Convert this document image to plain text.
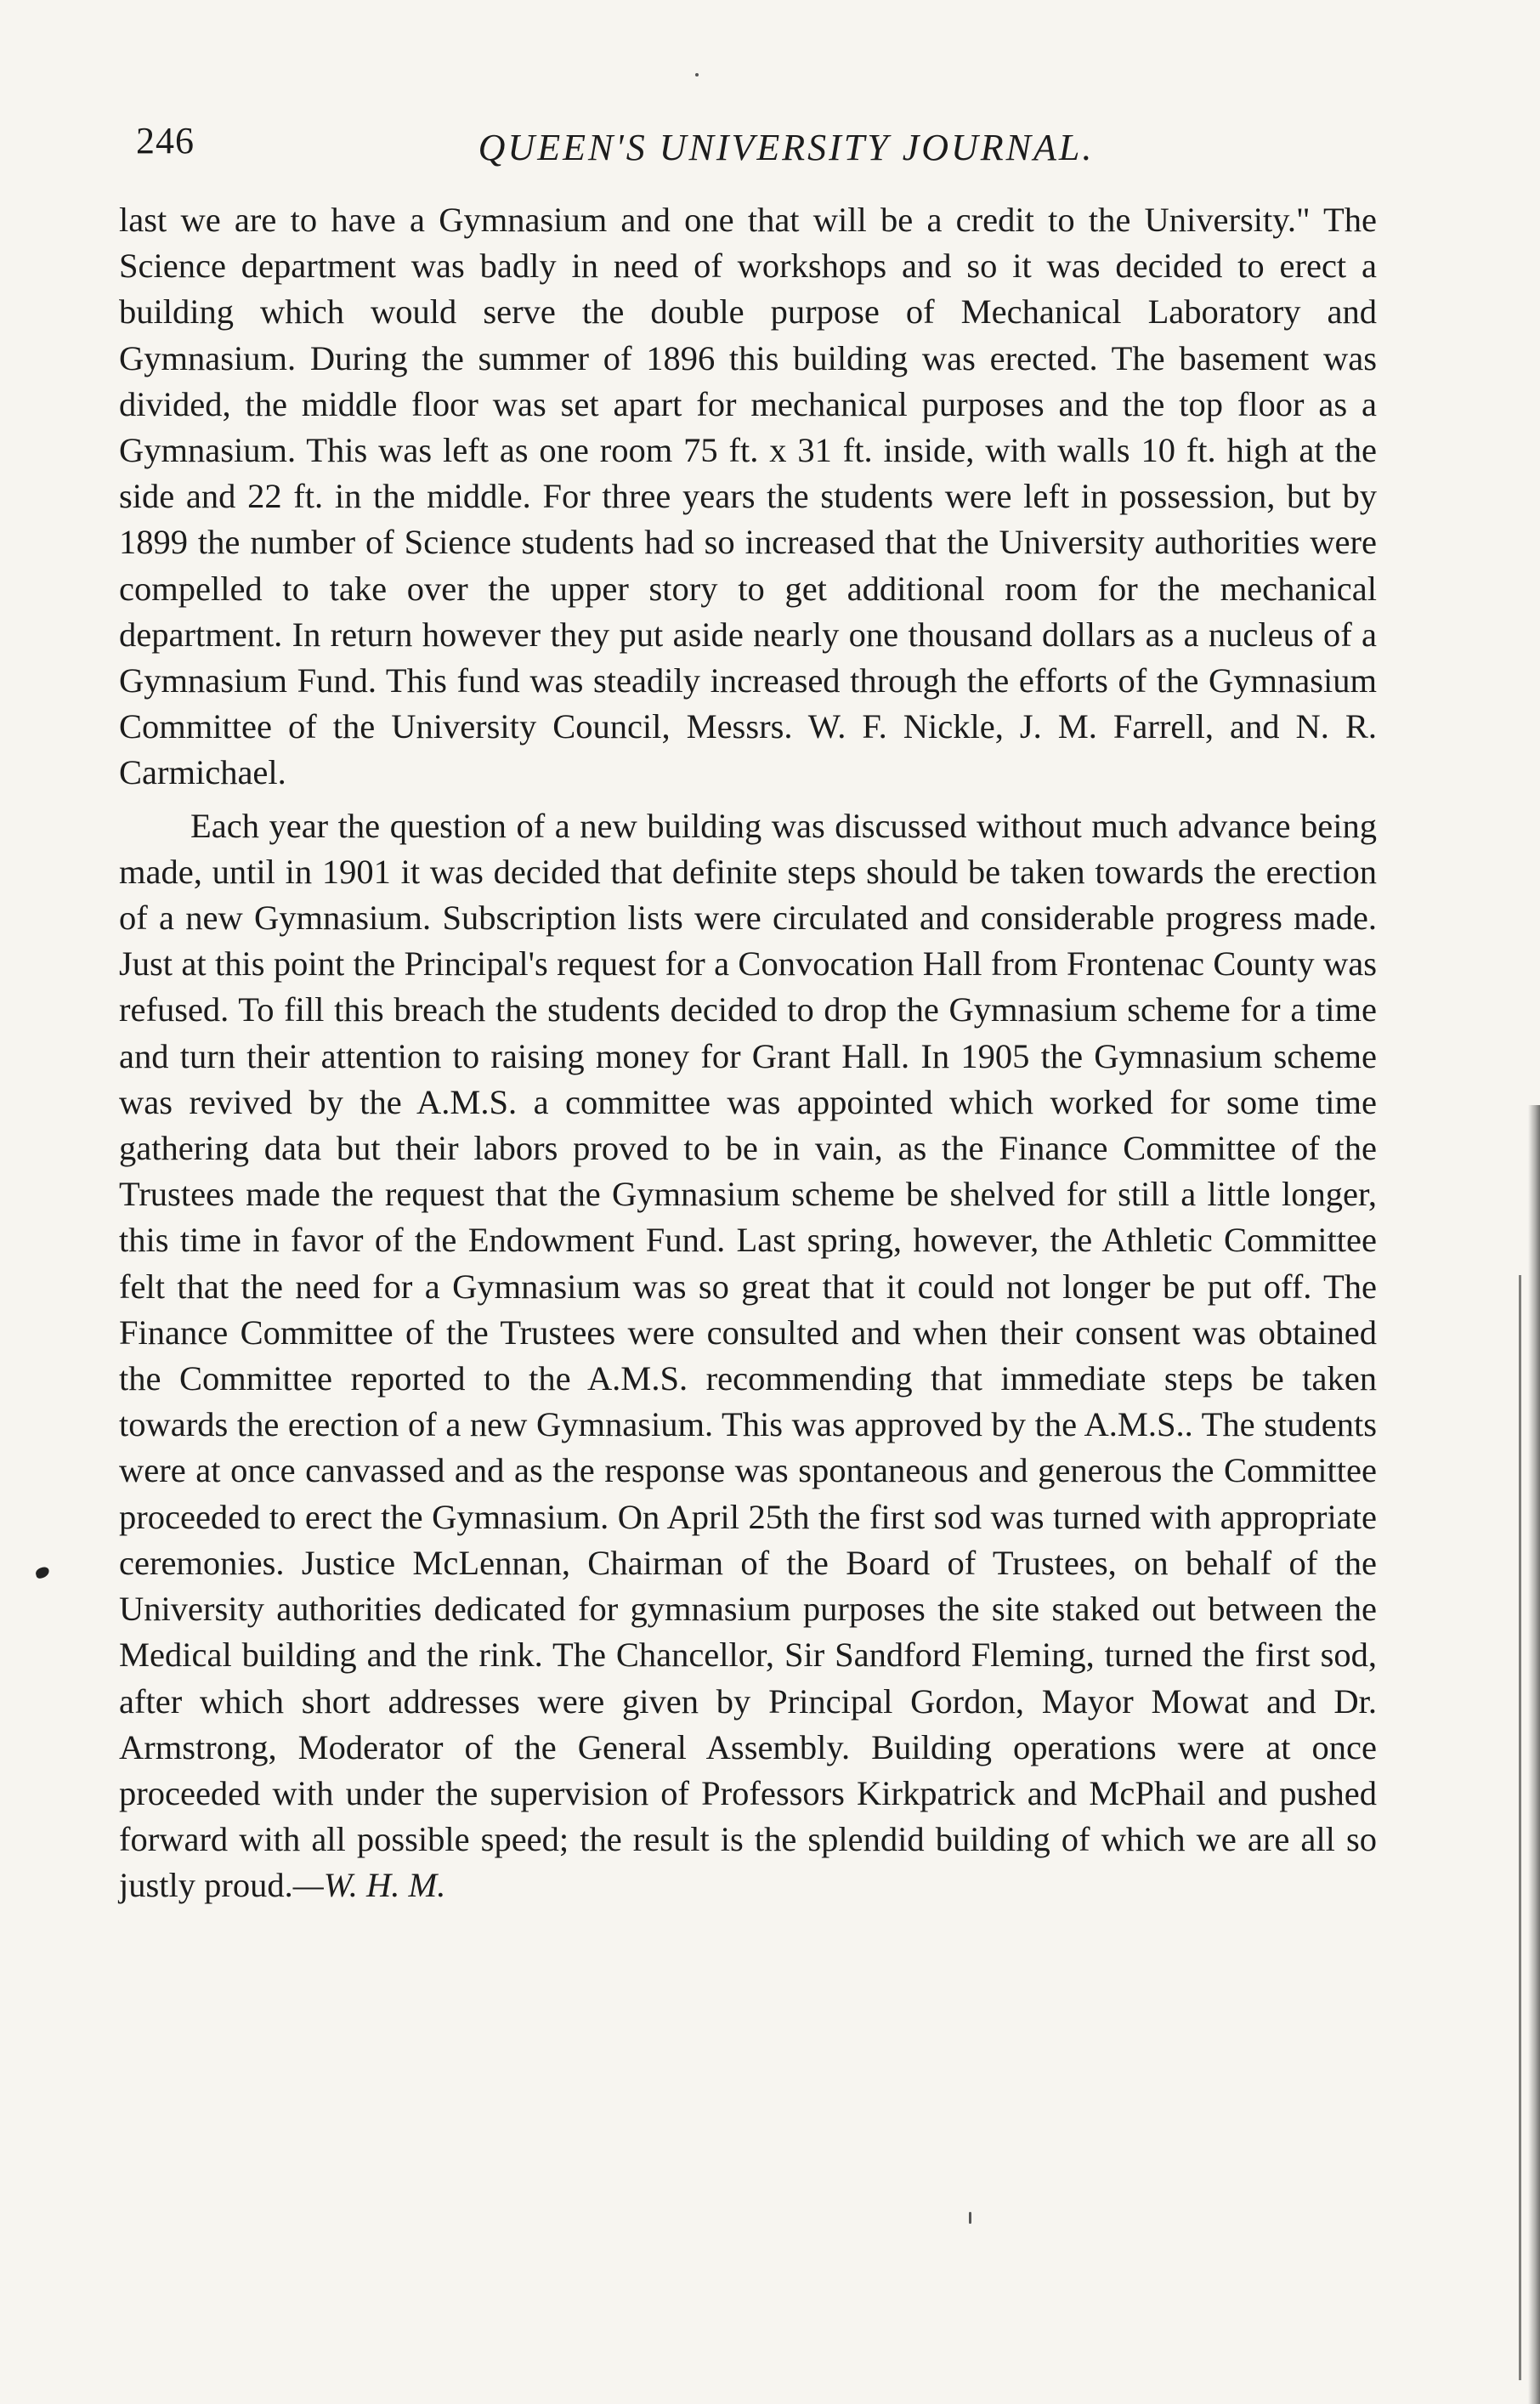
246	QUEEN'S UNIVERSITY JOURNAL.

last we are to have a Gymnasium and one that will be a credit to the University." The Science department was badly in need of workshops and so it was decided to erect a building which would serve the double purpose of Mechanical Laboratory and Gymnasium. During the summer of 1896 this building was erected. The basement was divided, the middle floor was set apart for mechanical purposes and the top floor as a Gymnasium. This was left as one room 75 ft. x 31 ft. inside, with walls 10 ft. high at the side and 22 ft. in the middle. For three years the students were left in possession, but by 1899 the number of Science students had so increased that the University authorities were compelled to take over the upper story to get additional room for the mechanical department. In return however they put aside nearly one thousand dollars as a nucleus of a Gymnasium Fund. This fund was steadily increased through the efforts of the Gymnasium Committee of the University Council, Messrs. W. F. Nickle, J. M. Farrell, and N. R. Carmichael.

Each year the question of a new building was discussed without much advance being made, until in 1901 it was decided that definite steps should be taken towards the erection of a new Gymnasium. Subscription lists were circulated and considerable progress made. Just at this point the Principal's request for a Convocation Hall from Frontenac County was refused. To fill this breach the students decided to drop the Gymnasium scheme for a time and turn their attention to raising money for Grant Hall. In 1905 the Gymnasium scheme was revived by the A.M.S. a committee was appointed which worked for some time gathering data but their labors proved to be in vain, as the Finance Committee of the Trustees made the request that the Gymnasium scheme be shelved for still a little longer, this time in favor of the Endowment Fund. Last spring, however, the Athletic Committee felt that the need for a Gymnasium was so great that it could not longer be put off. The Finance Committee of the Trustees were consulted and when their consent was obtained the Committee reported to the A.M.S. recommending that immediate steps be taken towards the erection of a new Gymnasium. This was approved by the A.M.S.. The students were at once canvassed and as the response was spontaneous and generous the Committee proceeded to erect the Gymnasium. On April 25th the first sod was turned with appropriate ceremonies. Justice McLennan, Chairman of the Board of Trustees, on behalf of the University authorities dedicated for gymnasium purposes the site staked out between the Medical building and the rink. The Chancellor, Sir Sandford Fleming, turned the first sod, after which short addresses were given by Principal Gordon, Mayor Mowat and Dr. Armstrong, Moderator of the General Assembly. Building operations were at once proceeded with under the supervision of Professors Kirkpatrick and McPhail and pushed forward with all possible speed; the result is the splendid building of which we are all so justly proud.—W. H. M.
